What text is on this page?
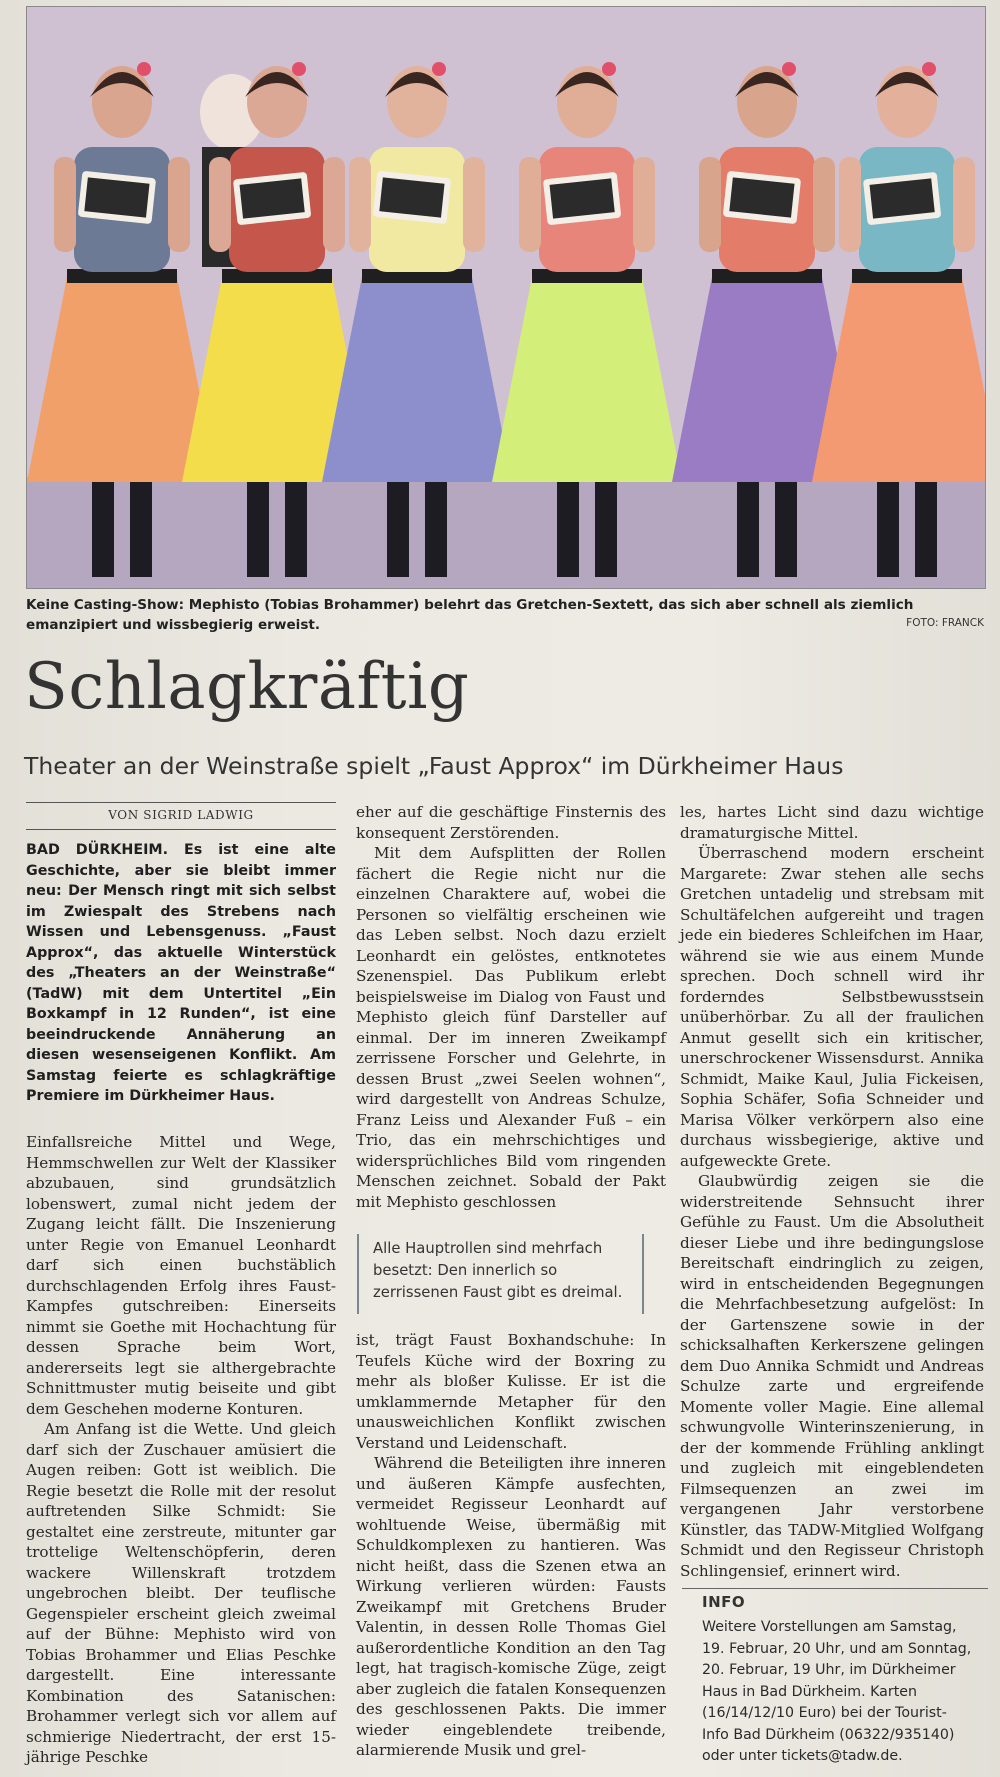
Keine Casting-Show: Mephisto (Tobias Brohammer) belehrt das Gretchen-Sextett, das sich aber schnell als ziemlich emanzipiert und wissbegierig erweist.	FOTO: FRANCK
Schlagkräftig
Theater an der Weinstraße spielt „Faust Approx“ im Dürkheimer Haus
VON SIGRID LADWIG
BAD DÜRKHEIM. Es ist eine alte Geschichte, aber sie bleibt immer neu: Der Mensch ringt mit sich selbst im Zwiespalt des Strebens nach Wissen und Lebensgenuss. „Faust Approx“, das aktuelle Winterstück des „Theaters an der Weinstraße“ (TadW) mit dem Untertitel „Ein Boxkampf in 12 Runden“, ist eine beeindruckende Annäherung an diesen wesenseigenen Konflikt. Am Samstag feierte es schlagkräftige Premiere im Dürkheimer Haus.

Einfallsreiche Mittel und Wege, Hemmschwellen zur Welt der Klassiker abzubauen, sind grundsätzlich lobenswert, zumal nicht jedem der Zugang leicht fällt. Die Inszenierung unter Regie von Emanuel Leonhardt darf sich einen buchstäblich durchschlagenden Erfolg ihres Faust-Kampfes gutschreiben: Einerseits nimmt sie Goethe mit Hochachtung für dessen Sprache beim Wort, andererseits legt sie althergebrachte Schnittmuster mutig beiseite und gibt dem Geschehen moderne Konturen.

Am Anfang ist die Wette. Und gleich darf sich der Zuschauer amüsiert die Augen reiben: Gott ist weiblich. Die Regie besetzt die Rolle mit der resolut auftretenden Silke Schmidt: Sie gestaltet eine zerstreute, mitunter gar trottelige Weltenschöpferin, deren wackere Willenskraft trotzdem ungebrochen bleibt. Der teuflische Gegenspieler erscheint gleich zweimal auf der Bühne: Mephisto wird von Tobias Brohammer und Elias Peschke dargestellt. Eine interessante Kombination des Satanischen: Brohammer verlegt sich vor allem auf schmierige Niedertracht, der erst 15-jährige Peschke

eher auf die geschäftige Finsternis des konsequent Zerstörenden.

Mit dem Aufsplitten der Rollen fächert die Regie nicht nur die einzelnen Charaktere auf, wobei die Personen so vielfältig erscheinen wie das Leben selbst. Noch dazu erzielt Leonhardt ein gelöstes, entknotetes Szenenspiel. Das Publikum erlebt beispielsweise im Dialog von Faust und Mephisto gleich fünf Darsteller auf einmal. Der im inneren Zweikampf zerrissene Forscher und Gelehrte, in dessen Brust „zwei Seelen wohnen“, wird dargestellt von Andreas Schulze, Franz Leiss und Alexander Fuß – ein Trio, das ein mehrschichtiges und widersprüchliches Bild vom ringenden Menschen zeichnet. Sobald der Pakt mit Mephisto geschlossen

Alle Hauptrollen sind mehrfach besetzt: Den innerlich so zerrissenen Faust gibt es dreimal.

ist, trägt Faust Boxhandschuhe: In Teufels Küche wird der Boxring zu mehr als bloßer Kulisse. Er ist die umklammernde Metapher für den unausweichlichen Konflikt zwischen Verstand und Leidenschaft.

Während die Beteiligten ihre inneren und äußeren Kämpfe ausfechten, vermeidet Regisseur Leonhardt auf wohltuende Weise, übermäßig mit Schuldkomplexen zu hantieren. Was nicht heißt, dass die Szenen etwa an Wirkung verlieren würden: Fausts Zweikampf mit Gretchens Bruder Valentin, in dessen Rolle Thomas Giel außerordentliche Kondition an den Tag legt, hat tragisch-komische Züge, zeigt aber zugleich die fatalen Konsequenzen des geschlossenen Pakts. Die immer wieder eingeblendete treibende, alarmierende Musik und grel-

les, hartes Licht sind dazu wichtige dramaturgische Mittel.

Überraschend modern erscheint Margarete: Zwar stehen alle sechs Gretchen untadelig und strebsam mit Schultäfelchen aufgereiht und tragen jede ein biederes Schleifchen im Haar, während sie wie aus einem Munde sprechen. Doch schnell wird ihr forderndes Selbstbewusstsein unüberhörbar. Zu all der fraulichen Anmut gesellt sich ein kritischer, unerschrockener Wissensdurst. Annika Schmidt, Maike Kaul, Julia Fickeisen, Sophia Schäfer, Sofia Schneider und Marisa Völker verkörpern also eine durchaus wissbegierige, aktive und aufgeweckte Grete.

Glaubwürdig zeigen sie die widerstreitende Sehnsucht ihrer Gefühle zu Faust. Um die Absolutheit dieser Liebe und ihre bedingungslose Bereitschaft eindringlich zu zeigen, wird in entscheidenden Begegnungen die Mehrfachbesetzung aufgelöst: In der Gartenszene sowie in der schicksalhaften Kerkerszene gelingen dem Duo Annika Schmidt und Andreas Schulze zarte und ergreifende Momente voller Magie. Eine allemal schwungvolle Winterinszenierung, in der der kommende Frühling anklingt und zugleich mit eingeblendeten Filmsequenzen an zwei im vergangenen Jahr verstorbene Künstler, das TADW-Mitglied Wolfgang Schmidt und den Regisseur Christoph Schlingensief, erinnert wird.

INFO
Weitere Vorstellungen am Samstag, 19. Februar, 20 Uhr, und am Sonntag, 20. Februar, 19 Uhr, im Dürkheimer Haus in Bad Dürkheim. Karten (16/14/12/10 Euro) bei der Tourist-Info Bad Dürkheim (06322/935140) oder unter tickets@tadw.de.
